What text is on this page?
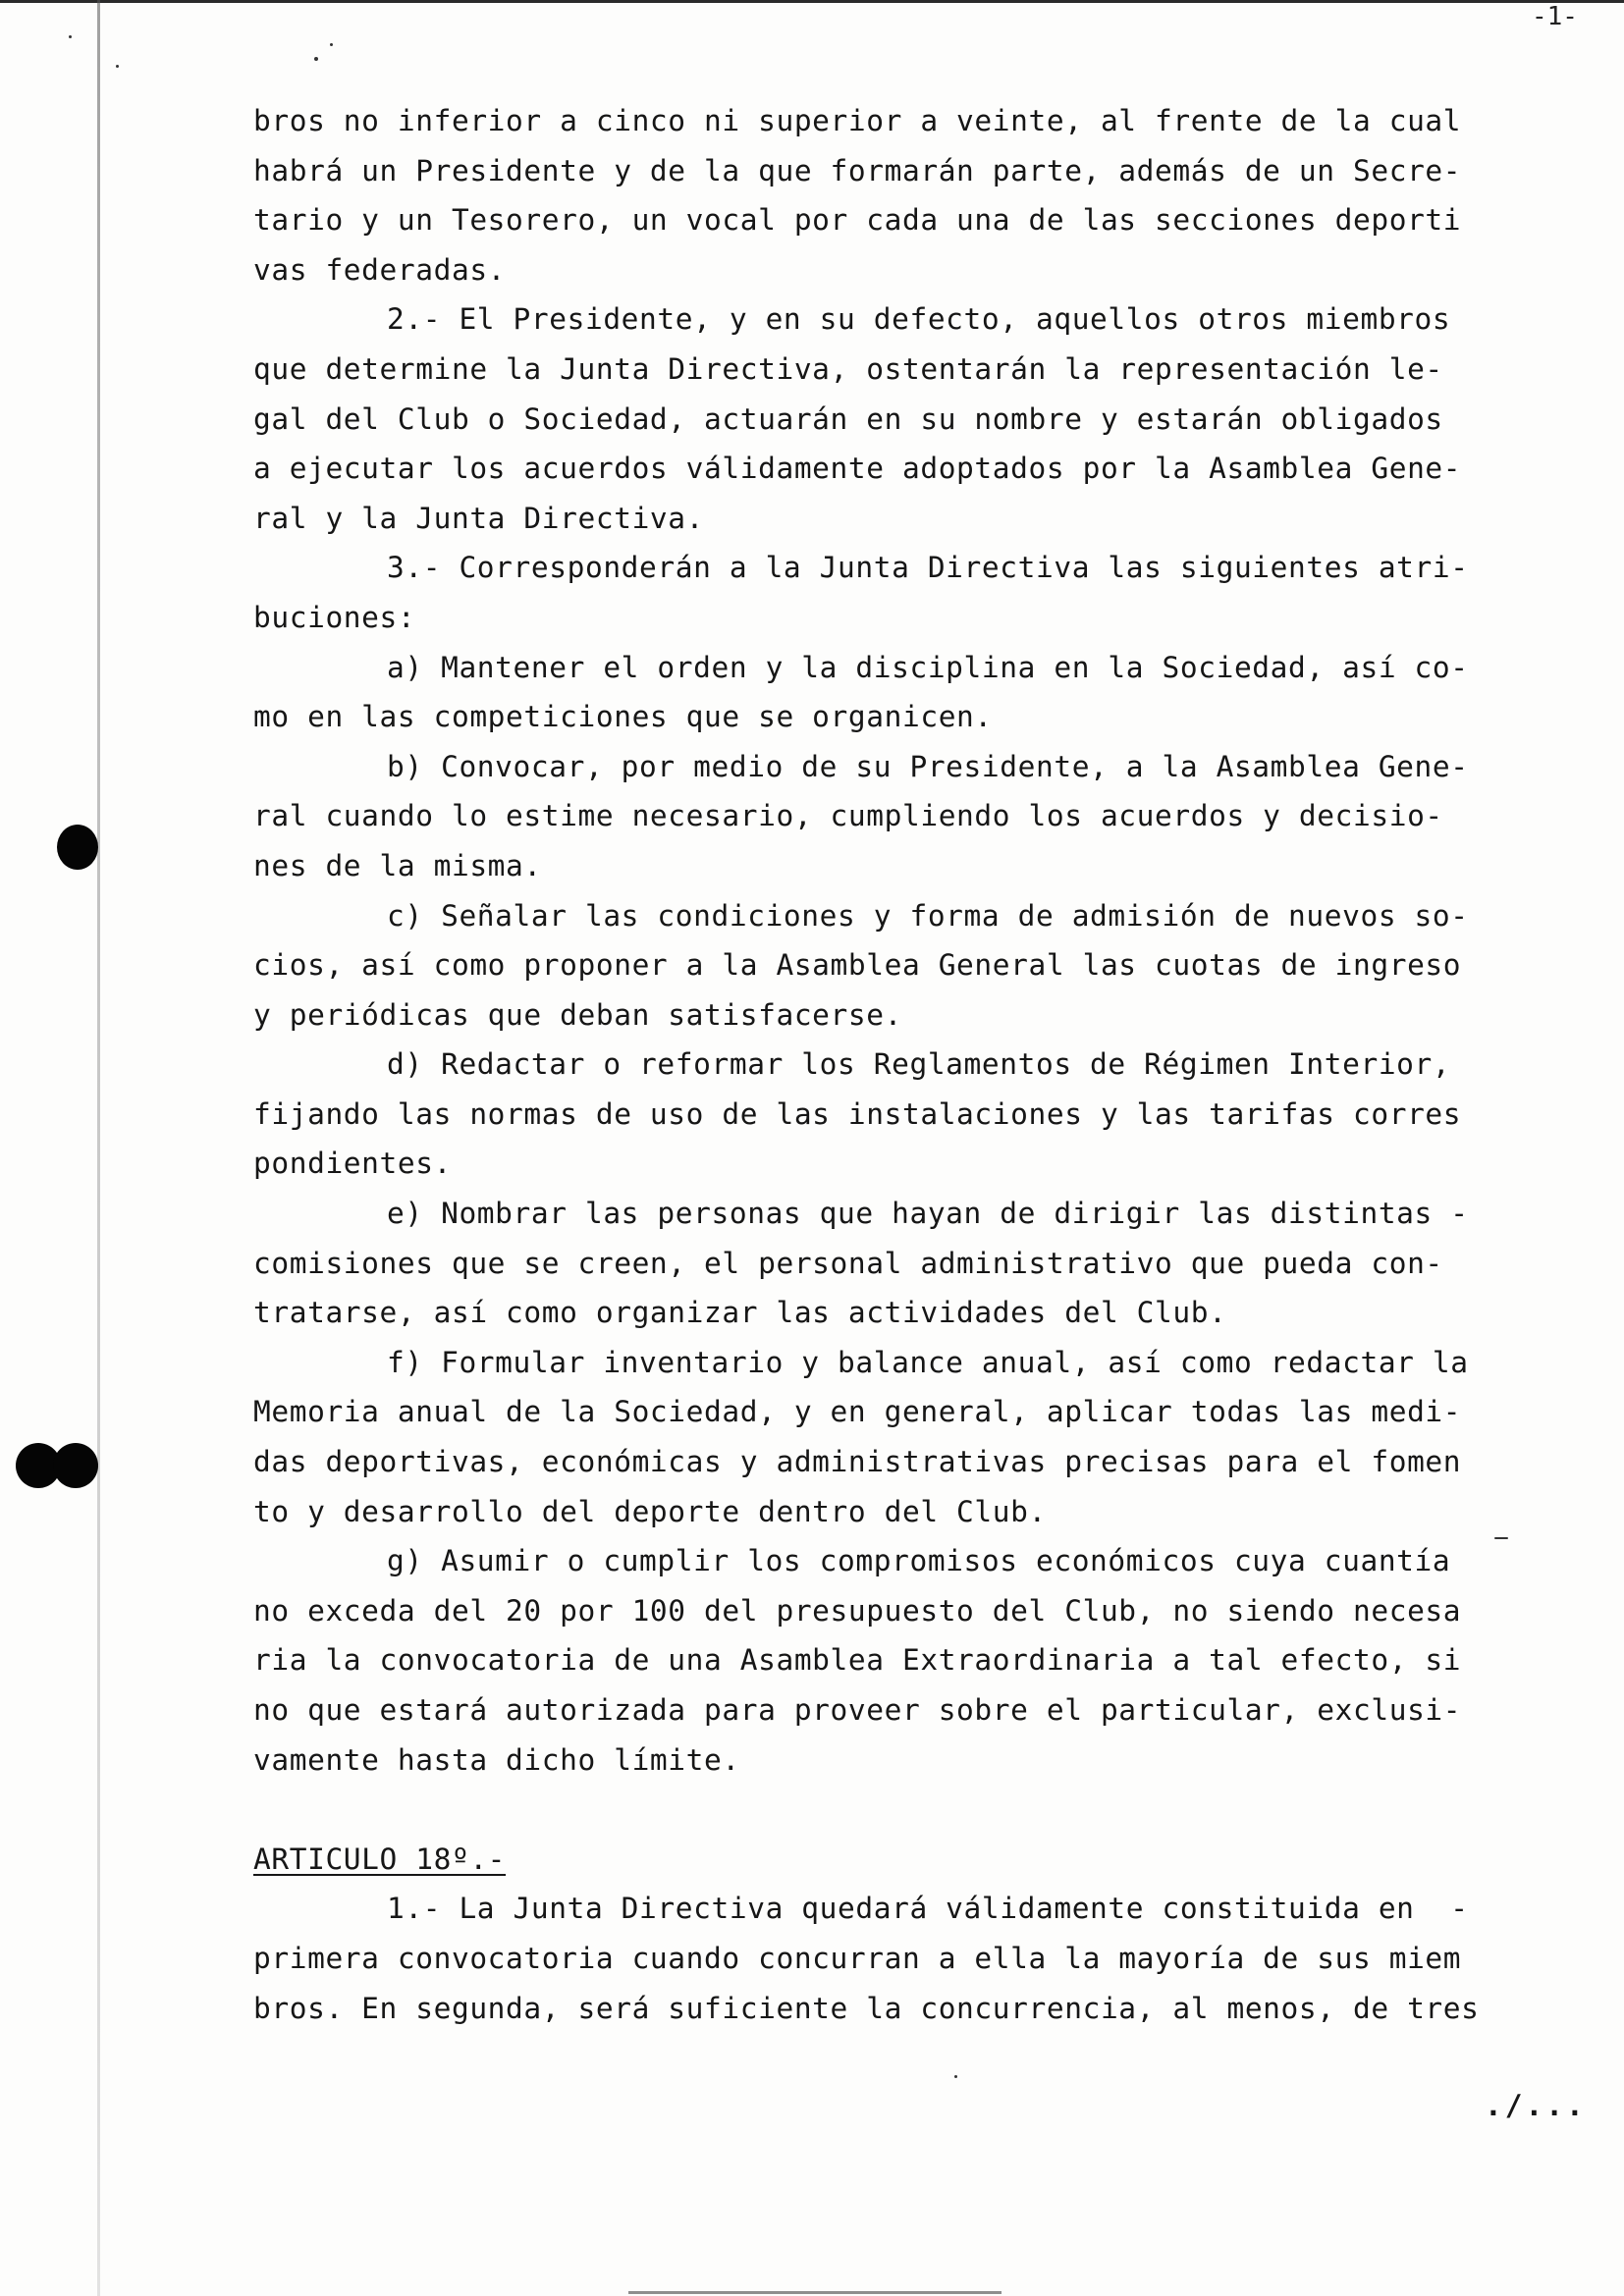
-1-
bros no inferior a cinco ni superior a veinte, al frente de la cual
habrá un Presidente y de la que formarán parte, además de un Secre-
tario y un Tesorero, un vocal por cada una de las secciones deporti
vas federadas.
2.- El Presidente, y en su defecto, aquellos otros miembros
que determine la Junta Directiva, ostentarán la representación le-
gal del Club o Sociedad, actuarán en su nombre y estarán obligados
a ejecutar los acuerdos válidamente adoptados por la Asamblea Gene-
ral y la Junta Directiva.
3.- Corresponderán a la Junta Directiva las siguientes atri-
buciones:
a) Mantener el orden y la disciplina en la Sociedad, así co-
mo en las competiciones que se organicen.
b) Convocar, por medio de su Presidente, a la Asamblea Gene-
ral cuando lo estime necesario, cumpliendo los acuerdos y decisio-
nes de la misma.
c) Señalar las condiciones y forma de admisión de nuevos so-
cios, así como proponer a la Asamblea General las cuotas de ingreso
y periódicas que deban satisfacerse.
d) Redactar o reformar los Reglamentos de Régimen Interior,
fijando las normas de uso de las instalaciones y las tarifas corres
pondientes.
e) Nombrar las personas que hayan de dirigir las distintas -
comisiones que se creen, el personal administrativo que pueda con-
tratarse, así como organizar las actividades del Club.
f) Formular inventario y balance anual, así como redactar la
Memoria anual de la Sociedad, y en general, aplicar todas las medi-
das deportivas, económicas y administrativas precisas para el fomen
to y desarrollo del deporte dentro del Club.
g) Asumir o cumplir los compromisos económicos cuya cuantía
no exceda del 20 por 100 del presupuesto del Club, no siendo necesa
ria la convocatoria de una Asamblea Extraordinaria a tal efecto, si
no que estará autorizada para proveer sobre el particular, exclusi-
vamente hasta dicho límite.
ARTICULO 18º.-
1.- La Junta Directiva quedará válidamente constituida en  -
primera convocatoria cuando concurran a ella la mayoría de sus miem
bros. En segunda, será suficiente la concurrencia, al menos, de tres
./...
